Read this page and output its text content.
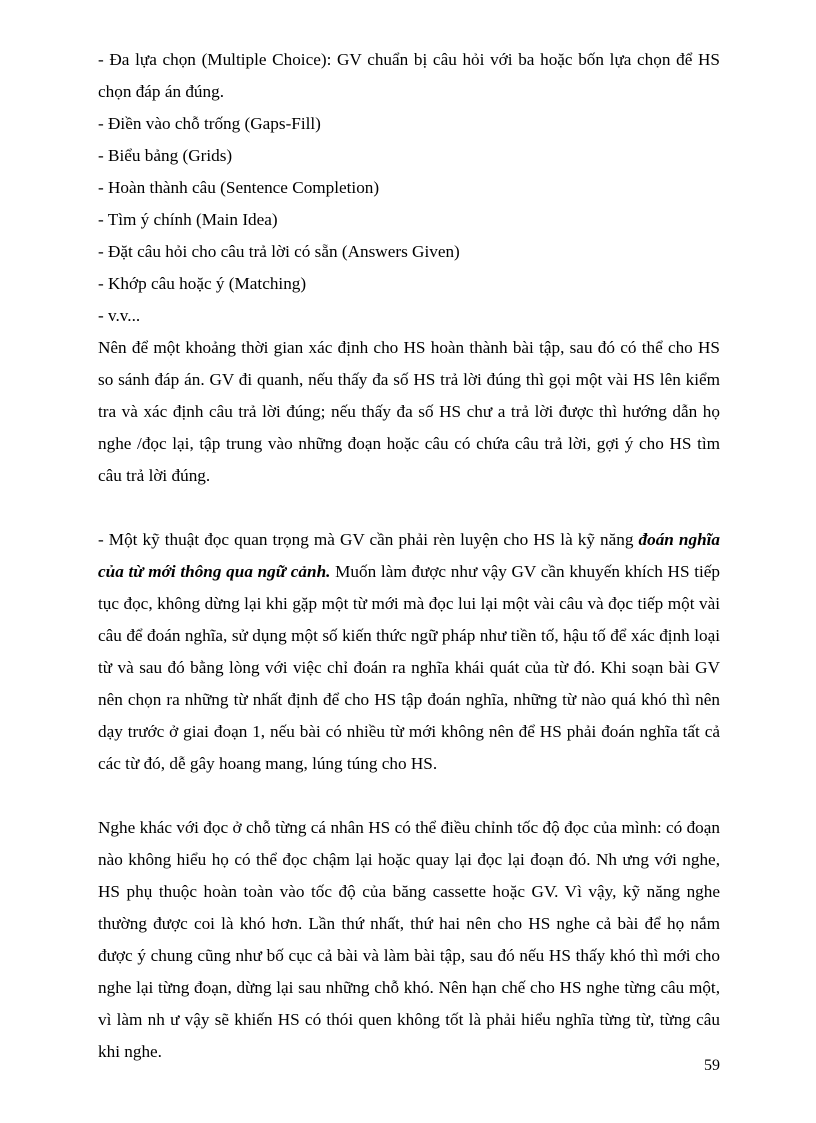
- Đa lựa chọn (Multiple Choice): GV chuẩn bị câu hỏi với ba hoặc bốn lựa chọn để HS chọn đáp án đúng.

- Điền vào chỗ trống (Gaps-Fill)

- Biểu bảng (Grids)

- Hoàn thành câu (Sentence Completion)

- Tìm ý chính (Main Idea)

- Đặt câu hỏi cho câu trả lời có sẵn (Answers Given)

- Khớp câu hoặc ý (Matching)

- v.v...

Nên để một khoảng thời gian xác định cho HS hoàn thành bài tập, sau đó có thể cho HS so sánh đáp án. GV đi quanh, nếu thấy đa số HS trả lời đúng thì gọi một vài HS lên kiểm tra và xác định câu trả lời đúng; nếu thấy đa số HS chư a trả lời được thì hướng dẫn họ nghe /đọc lại, tập trung vào những đoạn hoặc câu có chứa câu trả lời, gợi ý cho HS tìm câu trả lời đúng.

- Một kỹ thuật đọc quan trọng mà GV cần phải rèn luyện cho HS là kỹ năng đoán nghĩa của từ mới thông qua ngữ cảnh. Muốn làm được như vậy GV cần khuyến khích HS tiếp tục đọc, không dừng lại khi gặp một từ mới mà đọc lui lại một vài câu và đọc tiếp một vài câu để đoán nghĩa, sử dụng một số kiến thức ngữ pháp như tiền tố, hậu tố để xác định loại từ và sau đó bằng lòng với việc chỉ đoán ra nghĩa khái quát của từ đó. Khi soạn bài GV nên chọn ra những từ nhất định để cho HS tập đoán nghĩa, những từ nào quá khó thì nên dạy trước ở giai đoạn 1, nếu bài có nhiều từ mới không nên để HS phải đoán nghĩa tất cả các từ đó, dễ gây hoang mang, lúng túng cho HS.

Nghe khác với đọc ở chỗ từng cá nhân HS có thể điều chỉnh tốc độ đọc của mình: có đoạn nào không hiểu họ có thể đọc chậm lại hoặc quay lại đọc lại đoạn đó. Nh ưng với nghe, HS phụ thuộc hoàn toàn vào tốc độ của băng cassette hoặc GV. Vì vậy, kỹ năng nghe thường được coi là khó hơn. Lần thứ nhất, thứ hai nên cho HS nghe cả bài để họ nắm được ý chung cũng như bố cục cả bài và làm bài tập, sau đó nếu HS thấy khó thì mới cho nghe lại từng đoạn, dừng lại sau những chỗ khó. Nên hạn chế cho HS nghe từng câu một, vì làm nh ư vậy sẽ khiến HS có thói quen không tốt là phải hiểu nghĩa từng từ, từng câu khi nghe.

59
